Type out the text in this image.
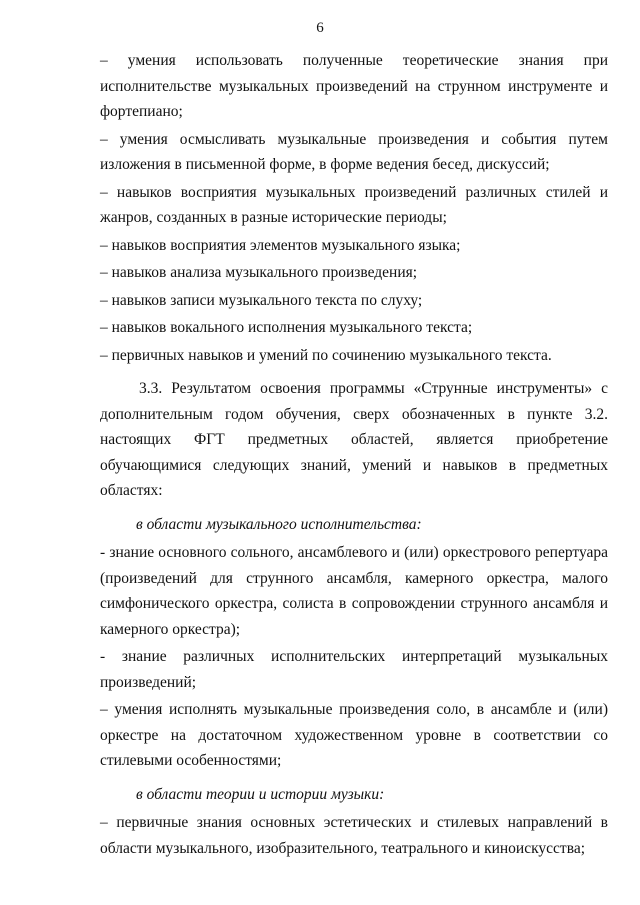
6

– умения использовать полученные теоретические знания при исполнительстве музыкальных произведений на струнном инструменте и фортепиано;

– умения осмысливать музыкальные произведения и события путем изложения в письменной форме, в форме ведения бесед, дискуссий;

– навыков восприятия музыкальных произведений различных стилей и жанров, созданных в разные исторические периоды;

– навыков восприятия элементов музыкального языка;

– навыков анализа музыкального произведения;

– навыков записи музыкального текста по слуху;

– навыков вокального исполнения музыкального текста;

– первичных навыков и умений по сочинению музыкального текста.

3.3. Результатом освоения программы «Струнные инструменты» с дополнительным годом обучения, сверх обозначенных в пункте 3.2. настоящих ФГТ предметных областей, является приобретение обучающимися следующих знаний, умений и навыков в предметных областях:

в области музыкального исполнительства:

- знание основного сольного, ансамблевого и (или) оркестрового репертуара (произведений для струнного ансамбля, камерного оркестра, малого симфонического оркестра, солиста в сопровождении струнного ансамбля и камерного оркестра);

- знание различных исполнительских интерпретаций музыкальных произведений;

– умения исполнять музыкальные произведения соло, в ансамбле и (или) оркестре на достаточном художественном уровне в соответствии со стилевыми особенностями;

в области теории и истории музыки:

– первичные знания основных эстетических и стилевых направлений в области музыкального, изобразительного, театрального и киноискусства;
